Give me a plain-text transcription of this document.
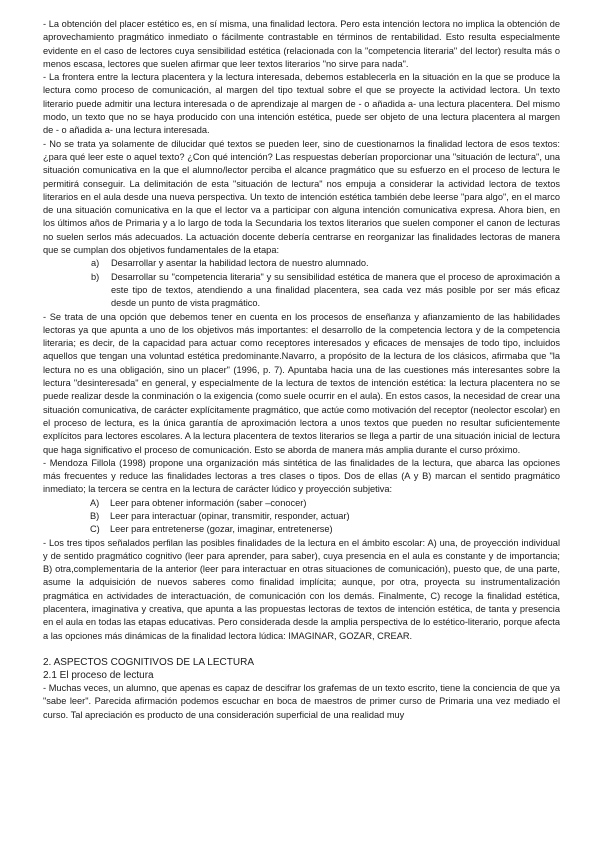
- La obtención del placer estético es, en sí misma, una finalidad lectora. Pero esta intención lectora no implica la obtención de aprovechamiento pragmático inmediato o fácilmente contrastable en términos de rentabilidad. Esto resulta especialmente evidente en el caso de lectores cuya sensibilidad estética (relacionada con la "competencia literaria" del lector) resulta más o menos escasa, lectores que suelen afirmar que leer textos literarios "no sirve para nada".

- La frontera entre la lectura placentera y la lectura interesada, debemos establecerla en la situación en la que se produce la lectura como proceso de comunicación, al margen del tipo textual sobre el que se proyecte la actividad lectora. Un texto literario puede admitir una lectura interesada o de aprendizaje al margen de - o añadida a- una lectura placentera. Del mismo modo, un texto que no se haya producido con una intención estética, puede ser objeto de una lectura placentera al margen de - o añadida a- una lectura interesada.

- No se trata ya solamente de dilucidar qué textos se pueden leer, sino de cuestionarnos la finalidad lectora de esos textos: ¿para qué leer este o aquel texto? ¿Con qué intención? Las respuestas deberían proporcionar una "situación de lectura", una situación comunicativa en la que el alumno/lector perciba el alcance pragmático que su esfuerzo en el proceso de lectura le permitirá conseguir. La delimitación de esta "situación de lectura" nos empuja a considerar la actividad lectora de textos literarios en el aula desde una nueva perspectiva. Un texto de intención estética también debe leerse "para algo", en el marco de una situación comunicativa en la que el lector va a participar con alguna intención comunicativa expresa. Ahora bien, en los últimos años de Primaria y a lo largo de toda la Secundaria los textos literarios que suelen componer el canon de lecturas no suelen serlos más adecuados. La actuación docente debería centrarse en reorganizar las finalidades lectoras de manera que se cumplan dos objetivos fundamentales de la etapa:

a) Desarrollar y asentar la habilidad lectora de nuestro alumnado.
b) Desarrollar su "competencia literaria" y su sensibilidad estética de manera que el proceso de aproximación a este tipo de textos, atendiendo a una finalidad placentera, sea cada vez más posible por ser más eficaz desde un punto de vista pragmático.

- Se trata de una opción que debemos tener en cuenta en los procesos de enseñanza y afianzamiento de las habilidades lectoras ya que apunta a uno de los objetivos más importantes: el desarrollo de la competencia lectora y de la competencia literaria; es decir, de la capacidad para actuar como receptores interesados y eficaces de mensajes de todo tipo, incluidos aquellos que tengan una voluntad estética predominante.Navarro, a propósito de la lectura de los clásicos, afirmaba que "la lectura no es una obligación, sino un placer" (1996, p. 7). Apuntaba hacia una de las cuestiones más interesantes sobre la lectura "desinteresada" en general, y especialmente de la lectura de textos de intención estética: la lectura placentera no se puede realizar desde la conminación o la exigencia (como suele ocurrir en el aula). En estos casos, la necesidad de crear una situación comunicativa, de carácter explícitamente pragmático, que actúe como motivación del receptor (neolector escolar) en el proceso de lectura, es la única garantía de aproximación lectora a unos textos que pueden no resultar suficientemente explícitos para lectores escolares. A la lectura placentera de textos literarios se llega a partir de una situación inicial de lectura que haga significativo el proceso de comunicación. Esto se aborda de manera más amplia durante el curso próximo.

- Mendoza Fillola (1998) propone una organización más sintética de las finalidades de la lectura, que abarca las opciones más frecuentes y reduce las finalidades lectoras a tres clases o tipos. Dos de ellas (A y B) marcan el sentido pragmático inmediato; la tercera se centra en la lectura de carácter lúdico y proyección subjetiva:

A) Leer para obtener información (saber –conocer)
B) Leer para interactuar (opinar, transmitir, responder, actuar)
C) Leer para entretenerse (gozar, imaginar, entretenerse)

- Los tres tipos señalados perfilan las posibles finalidades de la lectura en el ámbito escolar: A) una, de proyección individual y de sentido pragmático cognitivo (leer para aprender, para saber), cuya presencia en el aula es constante y de importancia; B) otra,complementaria de la anterior (leer para interactuar en otras situaciones de comunicación), puesto que, de una parte, asume la adquisición de nuevos saberes como finalidad implícita; aunque, por otra, proyecta su instrumentalización pragmática en actividades de interactuación, de comunicación con los demás. Finalmente, C) recoge la finalidad estética, placentera, imaginativa y creativa, que apunta a las propuestas lectoras de textos de intención estética, de tanta y presencia en el aula en todas las etapas educativas. Pero considerada desde la amplia perspectiva de lo estético-literario, porque afecta a las opciones más dinámicas de la finalidad lectora lúdica: IMAGINAR, GOZAR, CREAR.

2. ASPECTOS COGNITIVOS DE LA LECTURA
2.1 El proceso de lectura

- Muchas veces, un alumno, que apenas es capaz de descifrar los grafemas de un texto escrito, tiene la conciencia de que ya "sabe leer". Parecida afirmación podemos escuchar en boca de maestros de primer curso de Primaria una vez mediado el curso. Tal apreciación es producto de una consideración superficial de una realidad muy
